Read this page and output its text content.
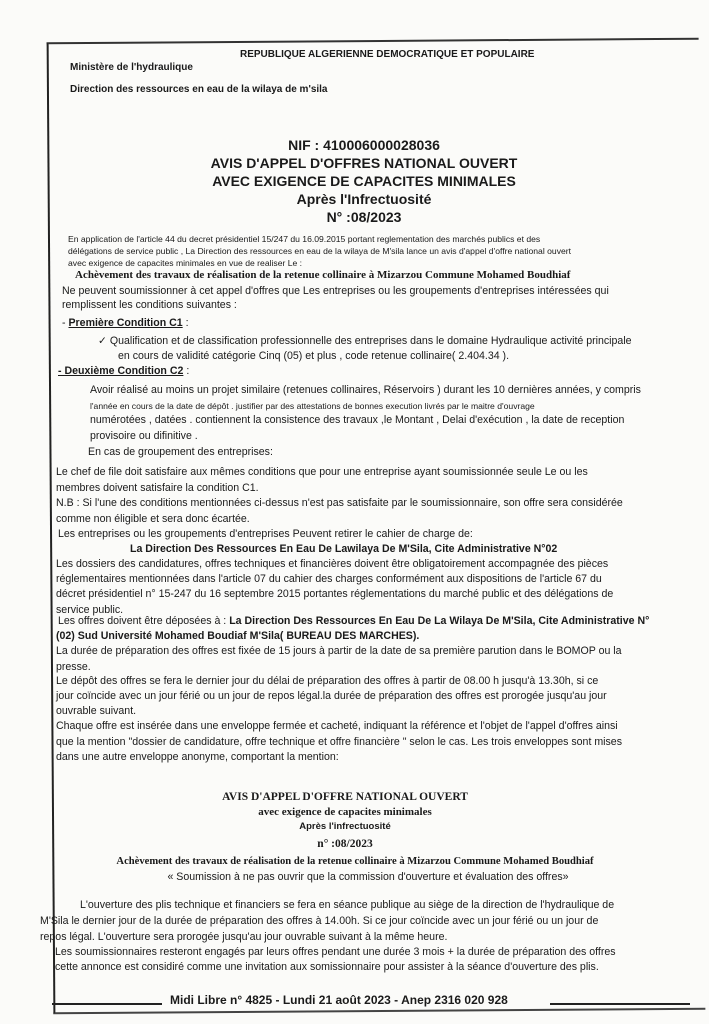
REPUBLIQUE ALGERIENNE DEMOCRATIQUE ET POPULAIRE
Ministère de l'hydraulique
Direction des ressources en eau de la wilaya de m'sila
NIF : 410006000028036
AVIS D'APPEL D'OFFRES NATIONAL OUVERT
AVEC EXIGENCE DE CAPACITES MINIMALES
Après l'Infrectuosité
N° :08/2023
En application de l'article 44 du decret présidentiel 15/247 du 16.09.2015 portant reglementation des marchés publics et des
délégations de service public , La Direction des ressources en eau de la wilaya de M'sila lance un avis d'appel d'offre national ouvert
avec exigence de capacites minimales en vue de realiser Le :
Achèvement des travaux de réalisation de la retenue collinaire à Mizarzou Commune Mohamed Boudhiaf
Ne peuvent soumissionner à cet appel d'offres que Les entreprises ou les groupements d'entreprises intéressées qui
remplissent les conditions suivantes :
- Première Condition C1 :
✓ Qualification et de classification professionnelle des entreprises dans le domaine Hydraulique activité principale
en cours de validité catégorie Cinq (05) et plus , code retenue collinaire( 2.404.34 ).
- Deuxième Condition C2 :
Avoir réalisé au moins un projet similaire (retenues collinaires, Réservoirs ) durant les 10 dernières années, y compris
l'année en cours de la date de dépôt . justifier par des attestations de bonnes execution livrés par le maitre d'ouvrage
numérotées , datées . contiennent la consistence des travaux ,le Montant , Delai d'exécution , la date de reception
provisoire ou difinitive .
En cas de groupement des entreprises:
Le chef de file doit satisfaire aux mêmes conditions que pour une entreprise ayant soumissionnée seule Le ou les
membres doivent satisfaire la condition C1.
N.B : Si l'une des conditions mentionnées ci-dessus n'est pas satisfaite par le soumissionnaire, son offre sera considérée
comme non éligible et sera donc écartée.
Les entreprises ou les groupements d'entreprises Peuvent retirer le cahier de charge de:
La Direction Des Ressources En Eau De Lawilaya De M'Sila, Cite Administrative N°02
Les dossiers des candidatures, offres techniques et financières doivent être obligatoirement accompagnée des pièces
réglementaires mentionnées dans l'article 07 du cahier des charges conformément aux dispositions de l'article 67 du
décret présidentiel n° 15-247 du 16 septembre 2015 portantes réglementations du marché public et des délégations de
service public.
Les offres doivent être déposées à : La Direction Des Ressources En Eau De La Wilaya De M'Sila, Cite Administrative N°
(02) Sud Université Mohamed Boudiaf M'Sila( BUREAU DES MARCHES).
La durée de préparation des offres est fixée de 15 jours à partir de la date de sa première parution dans le BOMOP ou la
presse.
Le dépôt des offres se fera le dernier jour du délai de préparation des offres à partir de 08.00 h jusqu'à 13.30h, si ce
jour coïncide avec un jour férié ou un jour de repos légal.la durée de préparation des offres est prorogée jusqu'au jour
ouvrable suivant.
Chaque offre est insérée dans une enveloppe fermée et cacheté, indiquant la référence et l'objet de l'appel d'offres ainsi
que la mention "dossier de candidature, offre technique et offre financière " selon le cas. Les trois enveloppes sont mises
dans une autre enveloppe anonyme, comportant la mention:
AVIS D'APPEL D'OFFRE NATIONAL OUVERT
avec exigence de capacites minimales
Après l'infrectuosité
n° :08/2023
Achèvement des travaux de réalisation de la retenue collinaire à Mizarzou Commune Mohamed Boudhiaf
« Soumission à ne pas ouvrir que la commission d'ouverture et évaluation des offres»
L'ouverture des plis technique et financiers se fera en séance publique au siège de la direction de l'hydraulique de
M'Sila le dernier jour de la durée de préparation des offres à 14.00h. Si ce jour coïncide avec un jour férié ou un jour de
repos légal. L'ouverture sera prorogée jusqu'au jour ouvrable suivant à la même heure.
Les soumissionnaires resteront engagés par leurs offres pendant une durée 3 mois + la durée de préparation des offres
cette annonce est considiré comme une invitation aux somissionnaire pour assister à la séance d'ouverture des plis.
Midi Libre n° 4825 - Lundi 21 août 2023 - Anep 2316 020 928
